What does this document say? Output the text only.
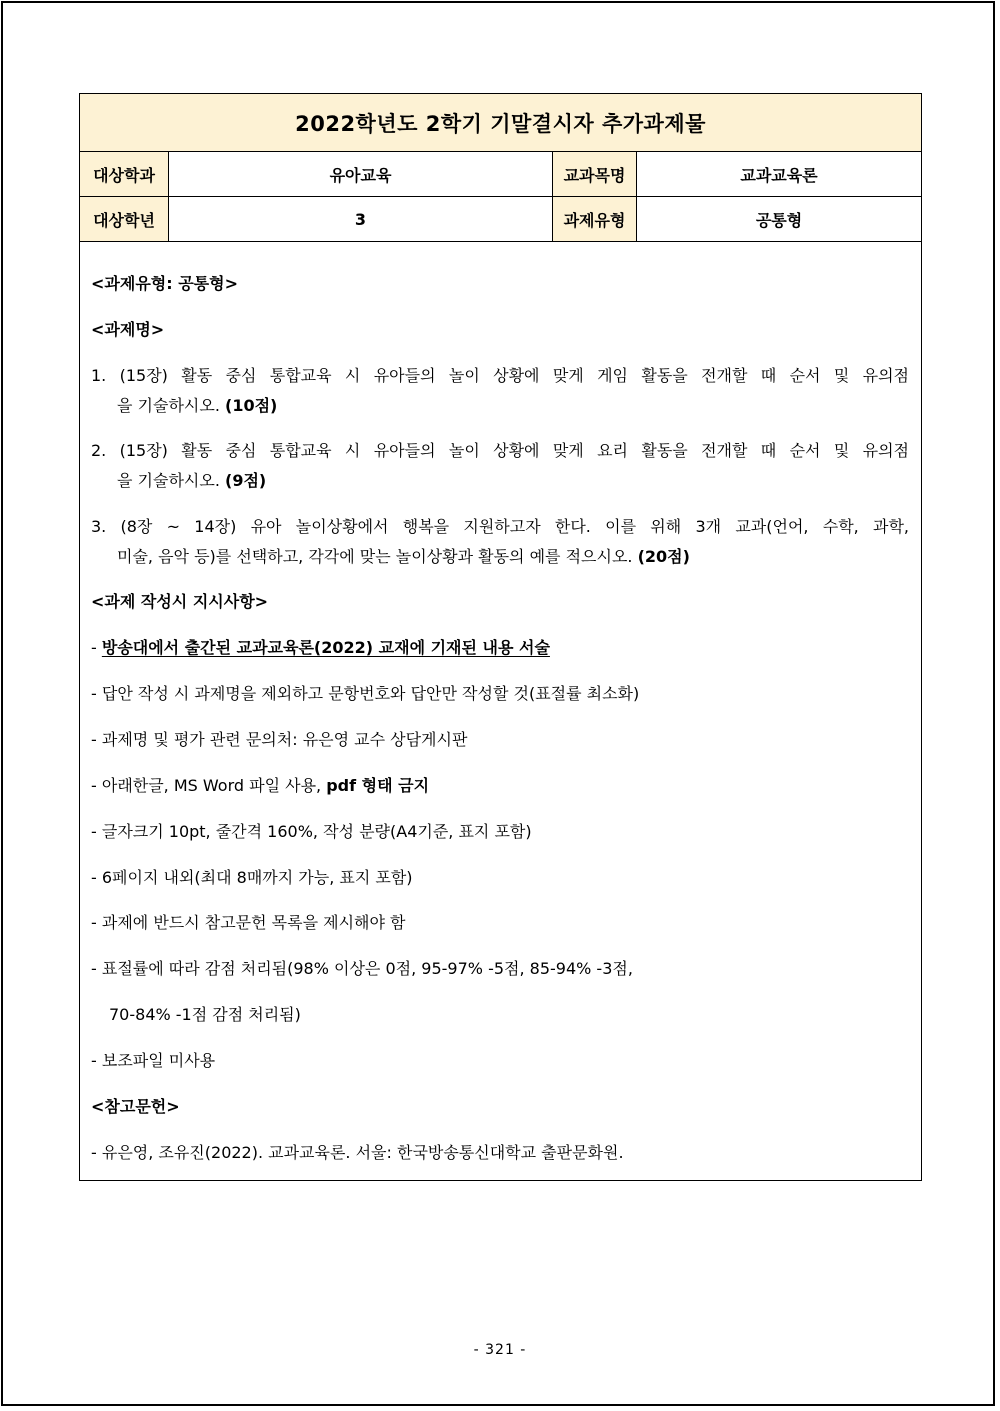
2022학년도 2학기 기말결시자 추가과제물
대상학과	유아교육	교과목명	교과교육론
대상학년	3	과제유형	공통형
<과제유형: 공통형>
<과제명>
1. (15장) 활동 중심 통합교육 시 유아들의 놀이 상황에 맞게 게임 활동을 전개할 때 순서 및 유의점
을 기술하시오. (10점)
2. (15장) 활동 중심 통합교육 시 유아들의 놀이 상황에 맞게 요리 활동을 전개할 때 순서 및 유의점
을 기술하시오. (9점)
3. (8장 ~ 14장) 유아 놀이상황에서 행복을 지원하고자 한다. 이를 위해 3개 교과(언어, 수학, 과학,
미술, 음악 등)를 선택하고, 각각에 맞는 놀이상황과 활동의 예를 적으시오. (20점)
<과제 작성시 지시사항>
- 방송대에서 출간된 교과교육론(2022) 교재에 기재된 내용 서술
- 답안 작성 시 과제명을 제외하고 문항번호와 답안만 작성할 것(표절률 최소화)
- 과제명 및 평가 관련 문의처: 유은영 교수 상담게시판
- 아래한글, MS Word 파일 사용, pdf 형태 금지
- 글자크기 10pt, 줄간격 160%, 작성 분량(A4기준, 표지 포함)
- 6페이지 내외(최대 8매까지 가능, 표지 포함)
- 과제에 반드시 참고문헌 목록을 제시해야 함
- 표절률에 따라 감점 처리됨(98% 이상은 0점, 95-97% -5점, 85-94% -3점,
70-84% -1점 감점 처리됨)
- 보조파일 미사용
<참고문헌>
- 유은영, 조유진(2022). 교과교육론. 서울: 한국방송통신대학교 출판문화원.
- 321 -
